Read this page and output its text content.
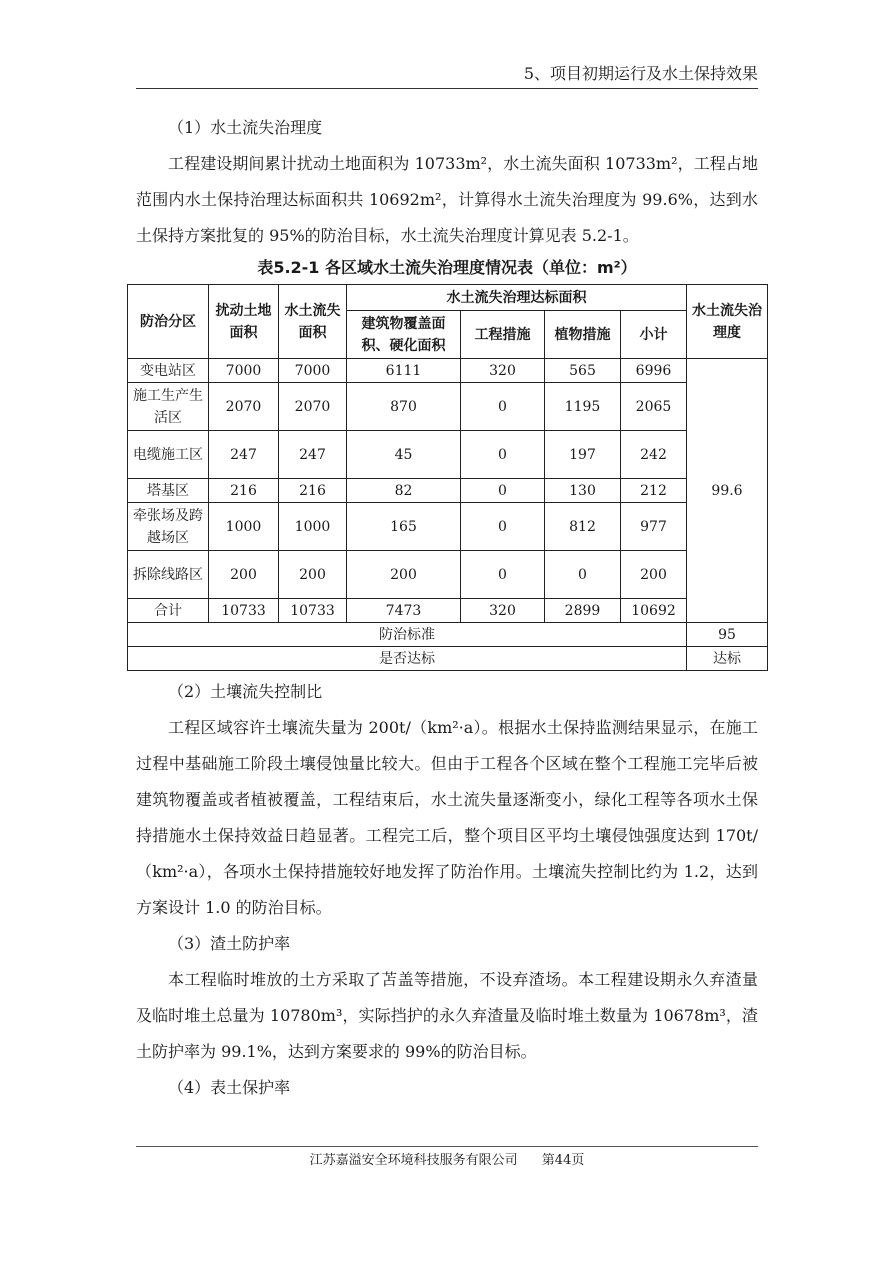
5、项目初期运行及水土保持效果

（1）水土流失治理度

工程建设期间累计扰动土地面积为 10733m²，水土流失面积 10733m²，工程占地范围内水土保持治理达标面积共 10692m²，计算得水土流失治理度为 99.6%，达到水土保持方案批复的 95%的防治目标，水土流失治理度计算见表 5.2-1。

表5.2-1 各区域水土流失治理度情况表（单位：m²）

防治分区	扰动土地面积	水土流失面积	水土流失治理达标面积				水土流失治理度
			建筑物覆盖面积、硬化面积	工程措施	植物措施	小计	
变电站区	7000	7000	6111	320	565	6996	99.6
施工生产生活区	2070	2070	870	0	1195	2065	
电缆施工区	247	247	45	0	197	242	
塔基区	216	216	82	0	130	212	
牵张场及跨越场区	1000	1000	165	0	812	977	
拆除线路区	200	200	200	0	0	200	
合计	10733	10733	7473	320	2899	10692	
防治标准							95
是否达标							达标

（2）土壤流失控制比

工程区域容许土壤流失量为 200t/（km²·a）。根据水土保持监测结果显示，在施工过程中基础施工阶段土壤侵蚀量比较大。但由于工程各个区域在整个工程施工完毕后被建筑物覆盖或者植被覆盖，工程结束后，水土流失量逐渐变小，绿化工程等各项水土保持措施水土保持效益日趋显著。工程完工后，整个项目区平均土壤侵蚀强度达到 170t/（km²·a），各项水土保持措施较好地发挥了防治作用。土壤流失控制比约为 1.2，达到方案设计 1.0 的防治目标。

（3）渣土防护率

本工程临时堆放的土方采取了苫盖等措施，不设弃渣场。本工程建设期永久弃渣量及临时堆土总量为 10780m³，实际挡护的永久弃渣量及临时堆土数量为 10678m³，渣土防护率为 99.1%，达到方案要求的 99%的防治目标。

（4）表土保护率

江苏嘉溢安全环境科技服务有限公司 第44页
